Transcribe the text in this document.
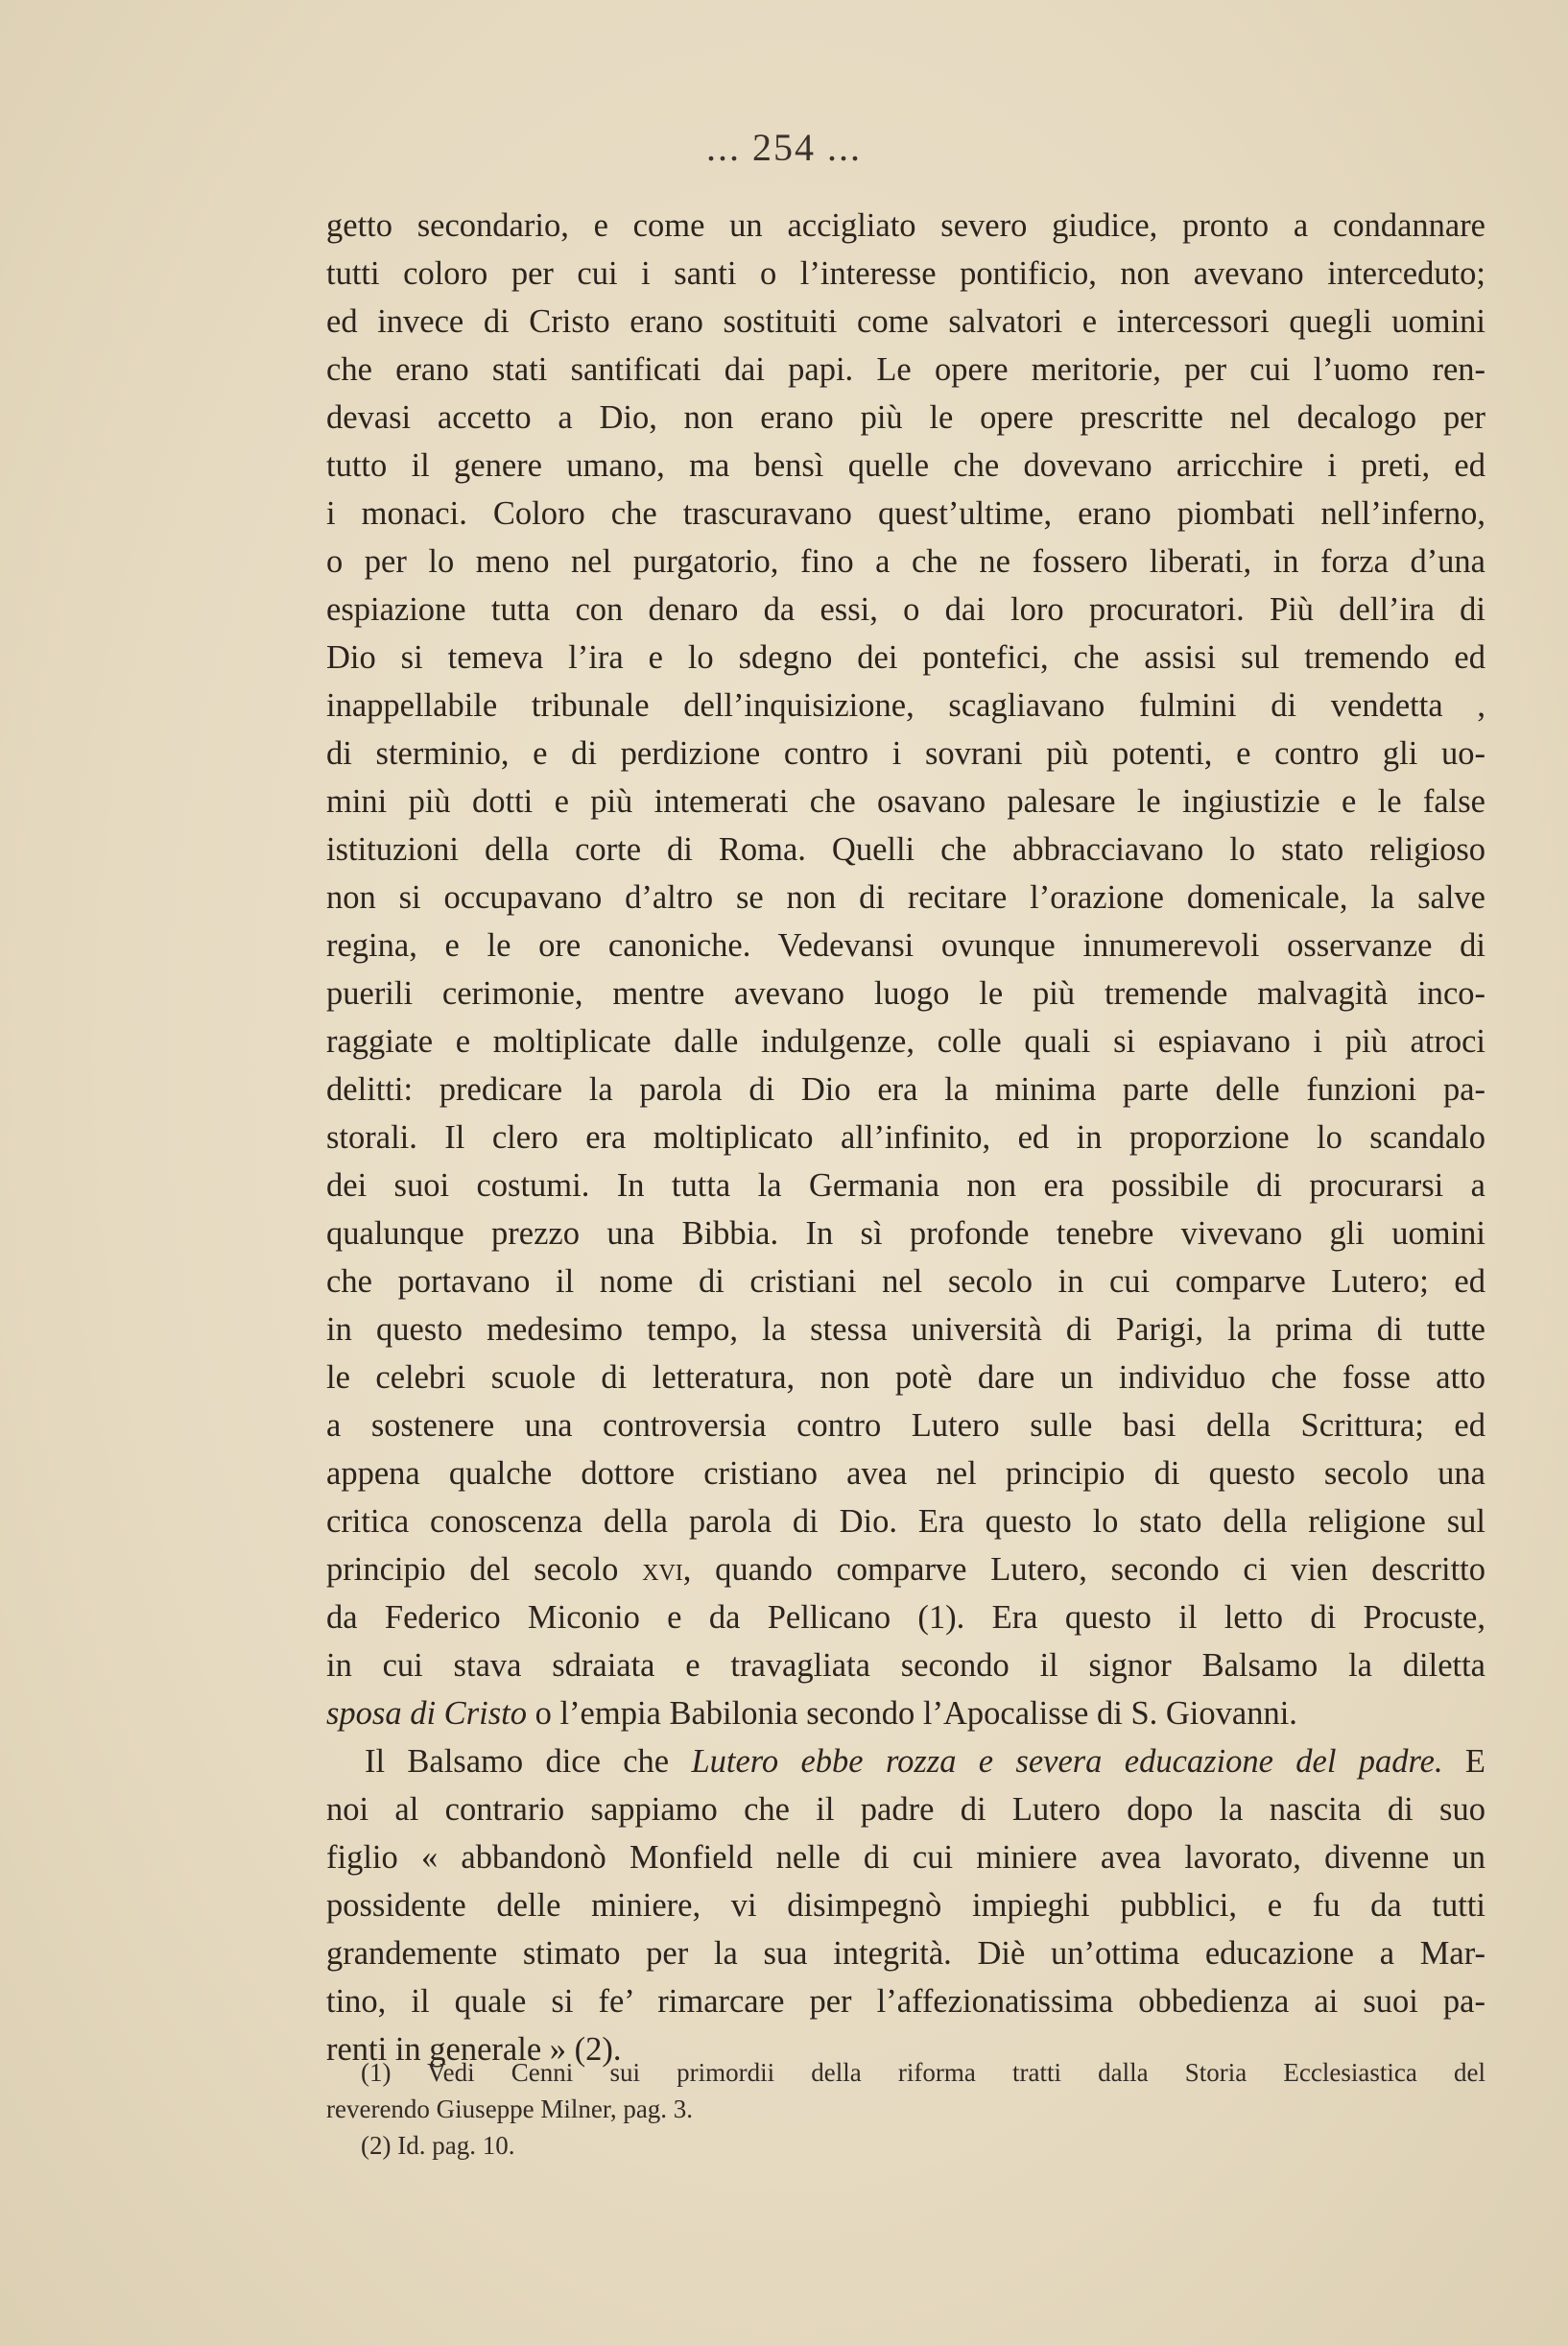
... 254 ...
getto secondario, e come un accigliato severo giudice, pronto a condannare
tutti coloro per cui i santi o l’interesse pontificio, non avevano interceduto;
ed invece di Cristo erano sostituiti come salvatori e intercessori quegli uomini
che erano stati santificati dai papi. Le opere meritorie, per cui l’uomo ren-
devasi accetto a Dio, non erano più le opere prescritte nel decalogo per
tutto il genere umano, ma bensì quelle che dovevano arricchire i preti, ed
i monaci. Coloro che trascuravano quest’ultime, erano piombati nell’inferno,
o per lo meno nel purgatorio, fino a che ne fossero liberati, in forza d’una
espiazione tutta con denaro da essi, o dai loro procuratori. Più dell’ira di
Dio si temeva l’ira e lo sdegno dei pontefici, che assisi sul tremendo ed
inappellabile tribunale dell’inquisizione, scagliavano fulmini di vendetta ,
di sterminio, e di perdizione contro i sovrani più potenti, e contro gli uo-
mini più dotti e più intemerati che osavano palesare le ingiustizie e le false
istituzioni della corte di Roma. Quelli che abbracciavano lo stato religioso
non si occupavano d’altro se non di recitare l’orazione domenicale, la salve
regina, e le ore canoniche. Vedevansi ovunque innumerevoli osservanze di
puerili cerimonie, mentre avevano luogo le più tremende malvagità inco-
raggiate e moltiplicate dalle indulgenze, colle quali si espiavano i più atroci
delitti: predicare la parola di Dio era la minima parte delle funzioni pa-
storali. Il clero era moltiplicato all’infinito, ed in proporzione lo scandalo
dei suoi costumi. In tutta la Germania non era possibile di procurarsi a
qualunque prezzo una Bibbia. In sì profonde tenebre vivevano gli uomini
che portavano il nome di cristiani nel secolo in cui comparve Lutero; ed
in questo medesimo tempo, la stessa università di Parigi, la prima di tutte
le celebri scuole di letteratura, non potè dare un individuo che fosse atto
a sostenere una controversia contro Lutero sulle basi della Scrittura; ed
appena qualche dottore cristiano avea nel principio di questo secolo una
critica conoscenza della parola di Dio. Era questo lo stato della religione sul
principio del secolo xvi, quando comparve Lutero, secondo ci vien descritto
da Federico Miconio e da Pellicano (1). Era questo il letto di Procuste,
in cui stava sdraiata e travagliata secondo il signor Balsamo la diletta
sposa di Cristo o l’empia Babilonia secondo l’Apocalisse di S. Giovanni.
Il Balsamo dice che Lutero ebbe rozza e severa educazione del padre. E
noi al contrario sappiamo che il padre di Lutero dopo la nascita di suo
figlio « abbandonò Monfield nelle di cui miniere avea lavorato, divenne un
possidente delle miniere, vi disimpegnò impieghi pubblici, e fu da tutti
grandemente stimato per la sua integrità. Diè un’ottima educazione a Mar-
tino, il quale si fe’ rimarcare per l’affezionatissima obbedienza ai suoi pa-
renti in generale » (2).
(1) Vedi Cenni sui primordii della riforma tratti dalla Storia Ecclesiastica del
reverendo Giuseppe Milner, pag. 3.
(2) Id. pag. 10.
